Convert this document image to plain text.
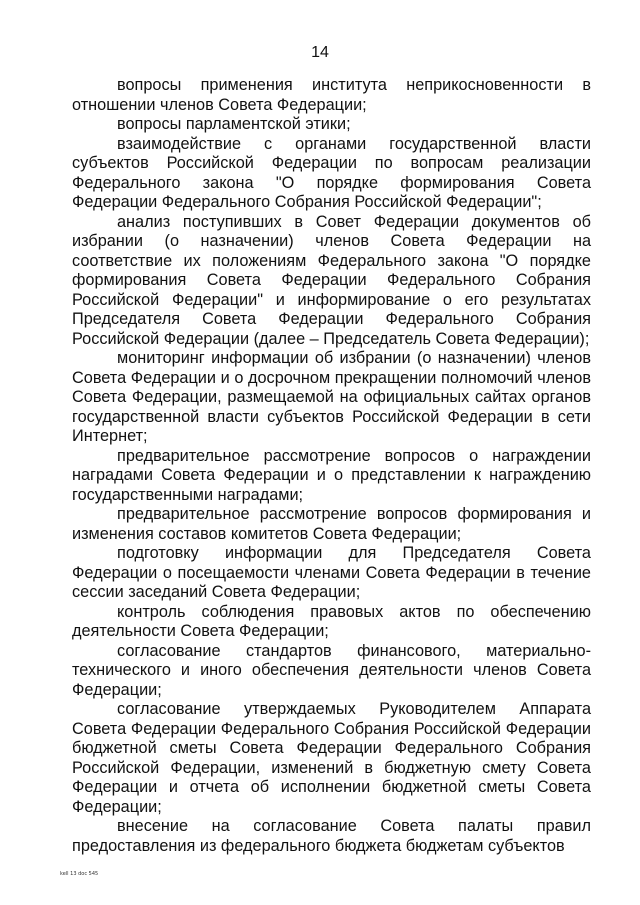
14

вопросы применения института неприкосновенности в отношении членов Совета Федерации;

вопросы парламентской этики;

взаимодействие с органами государственной власти субъектов Российской Федерации по вопросам реализации Федерального закона "О порядке формирования Совета Федерации Федерального Собрания Российской Федерации";

анализ поступивших в Совет Федерации документов об избрании (о назначении) членов Совета Федерации на соответствие их положениям Федерального закона "О порядке формирования Совета Федерации Федерального Собрания Российской Федерации" и информирование о его результатах Председателя Совета Федерации Федерального Собрания Российской Федерации (далее – Председатель Совета Федерации);

мониторинг информации об избрании (о назначении) членов Совета Федерации и о досрочном прекращении полномочий членов Совета Федерации, размещаемой на официальных сайтах органов государственной власти субъектов Российской Федерации в сети Интернет;

предварительное рассмотрение вопросов о награждении наградами Совета Федерации и о представлении к награждению государственными наградами;

предварительное рассмотрение вопросов формирования и изменения составов комитетов Совета Федерации;

подготовку информации для Председателя Совета Федерации о посещаемости членами Совета Федерации в течение сессии заседаний Совета Федерации;

контроль соблюдения правовых актов по обеспечению деятельности Совета Федерации;

согласование стандартов финансового, материально-технического и иного обеспечения деятельности членов Совета Федерации;

согласование утверждаемых Руководителем Аппарата Совета Федерации Федерального Собрания Российской Федерации бюджетной сметы Совета Федерации Федерального Собрания Российской Федерации, изменений в бюджетную смету Совета Федерации и отчета об исполнении бюджетной сметы Совета Федерации;

внесение на согласование Совета палаты правил предоставления из федерального бюджета бюджетам субъектов

kell 13 doc 545
